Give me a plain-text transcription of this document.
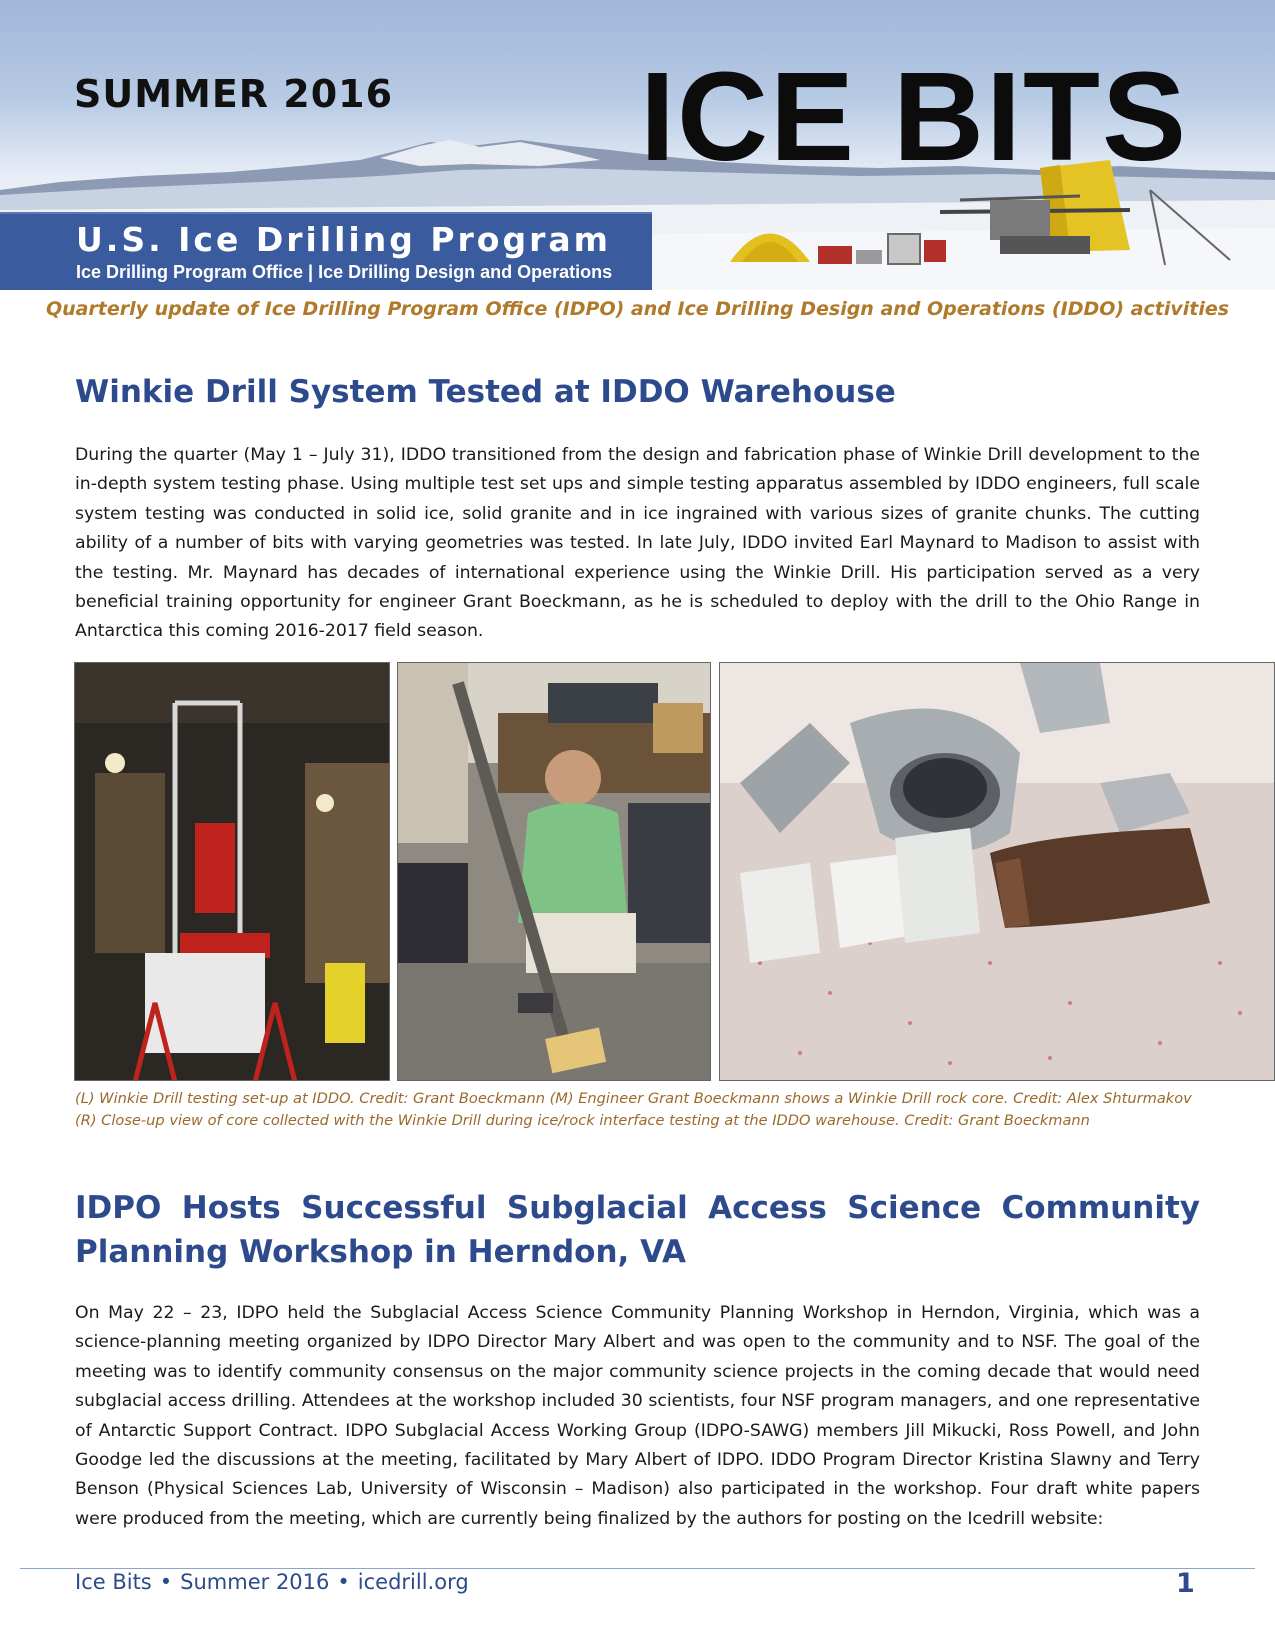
SUMMER 2016 ICE BITS
U.S. Ice Drilling Program
Ice Drilling Program Office | Ice Drilling Design and Operations
Quarterly update of Ice Drilling Program Office (IDPO) and Ice Drilling Design and Operations (IDDO) activities
Winkie Drill System Tested at IDDO Warehouse

During the quarter (May 1 – July 31), IDDO transitioned from the design and fabrication phase of Winkie Drill development to the in-depth system testing phase. Using multiple test set ups and simple testing apparatus assembled by IDDO engineers, full scale system testing was conducted in solid ice, solid granite and in ice ingrained with various sizes of granite chunks. The cutting ability of a number of bits with varying geometries was tested. In late July, IDDO invited Earl Maynard to Madison to assist with the testing. Mr. Maynard has decades of international experience using the Winkie Drill. His participation served as a very beneficial training opportunity for engineer Grant Boeckmann, as he is scheduled to deploy with the drill to the Ohio Range in Antarctica this coming 2016-2017 field season.

(L) Winkie Drill testing set-up at IDDO. Credit: Grant Boeckmann (M) Engineer Grant Boeckmann shows a Winkie Drill rock core. Credit: Alex Shturmakov
(R) Close-up view of core collected with the Winkie Drill during ice/rock interface testing at the IDDO warehouse. Credit: Grant Boeckmann
IDPO Hosts Successful Subglacial Access Science Community Planning Workshop in Herndon, VA

On May 22 – 23, IDPO held the Subglacial Access Science Community Planning Workshop in Herndon, Virginia, which was a science-planning meeting organized by IDPO Director Mary Albert and was open to the community and to NSF. The goal of the meeting was to identify community consensus on the major community science projects in the coming decade that would need subglacial access drilling. Attendees at the workshop included 30 scientists, four NSF program managers, and one representative of Antarctic Support Contract. IDPO Subglacial Access Working Group (IDPO-SAWG) members Jill Mikucki, Ross Powell, and John Goodge led the discussions at the meeting, facilitated by Mary Albert of IDPO. IDDO Program Director Kristina Slawny and Terry Benson (Physical Sciences Lab, University of Wisconsin – Madison) also participated in the workshop. Four draft white papers were produced from the meeting, which are currently being finalized by the authors for posting on the Icedrill website:

Ice Bits • Summer 2016 • icedrill.org	1
